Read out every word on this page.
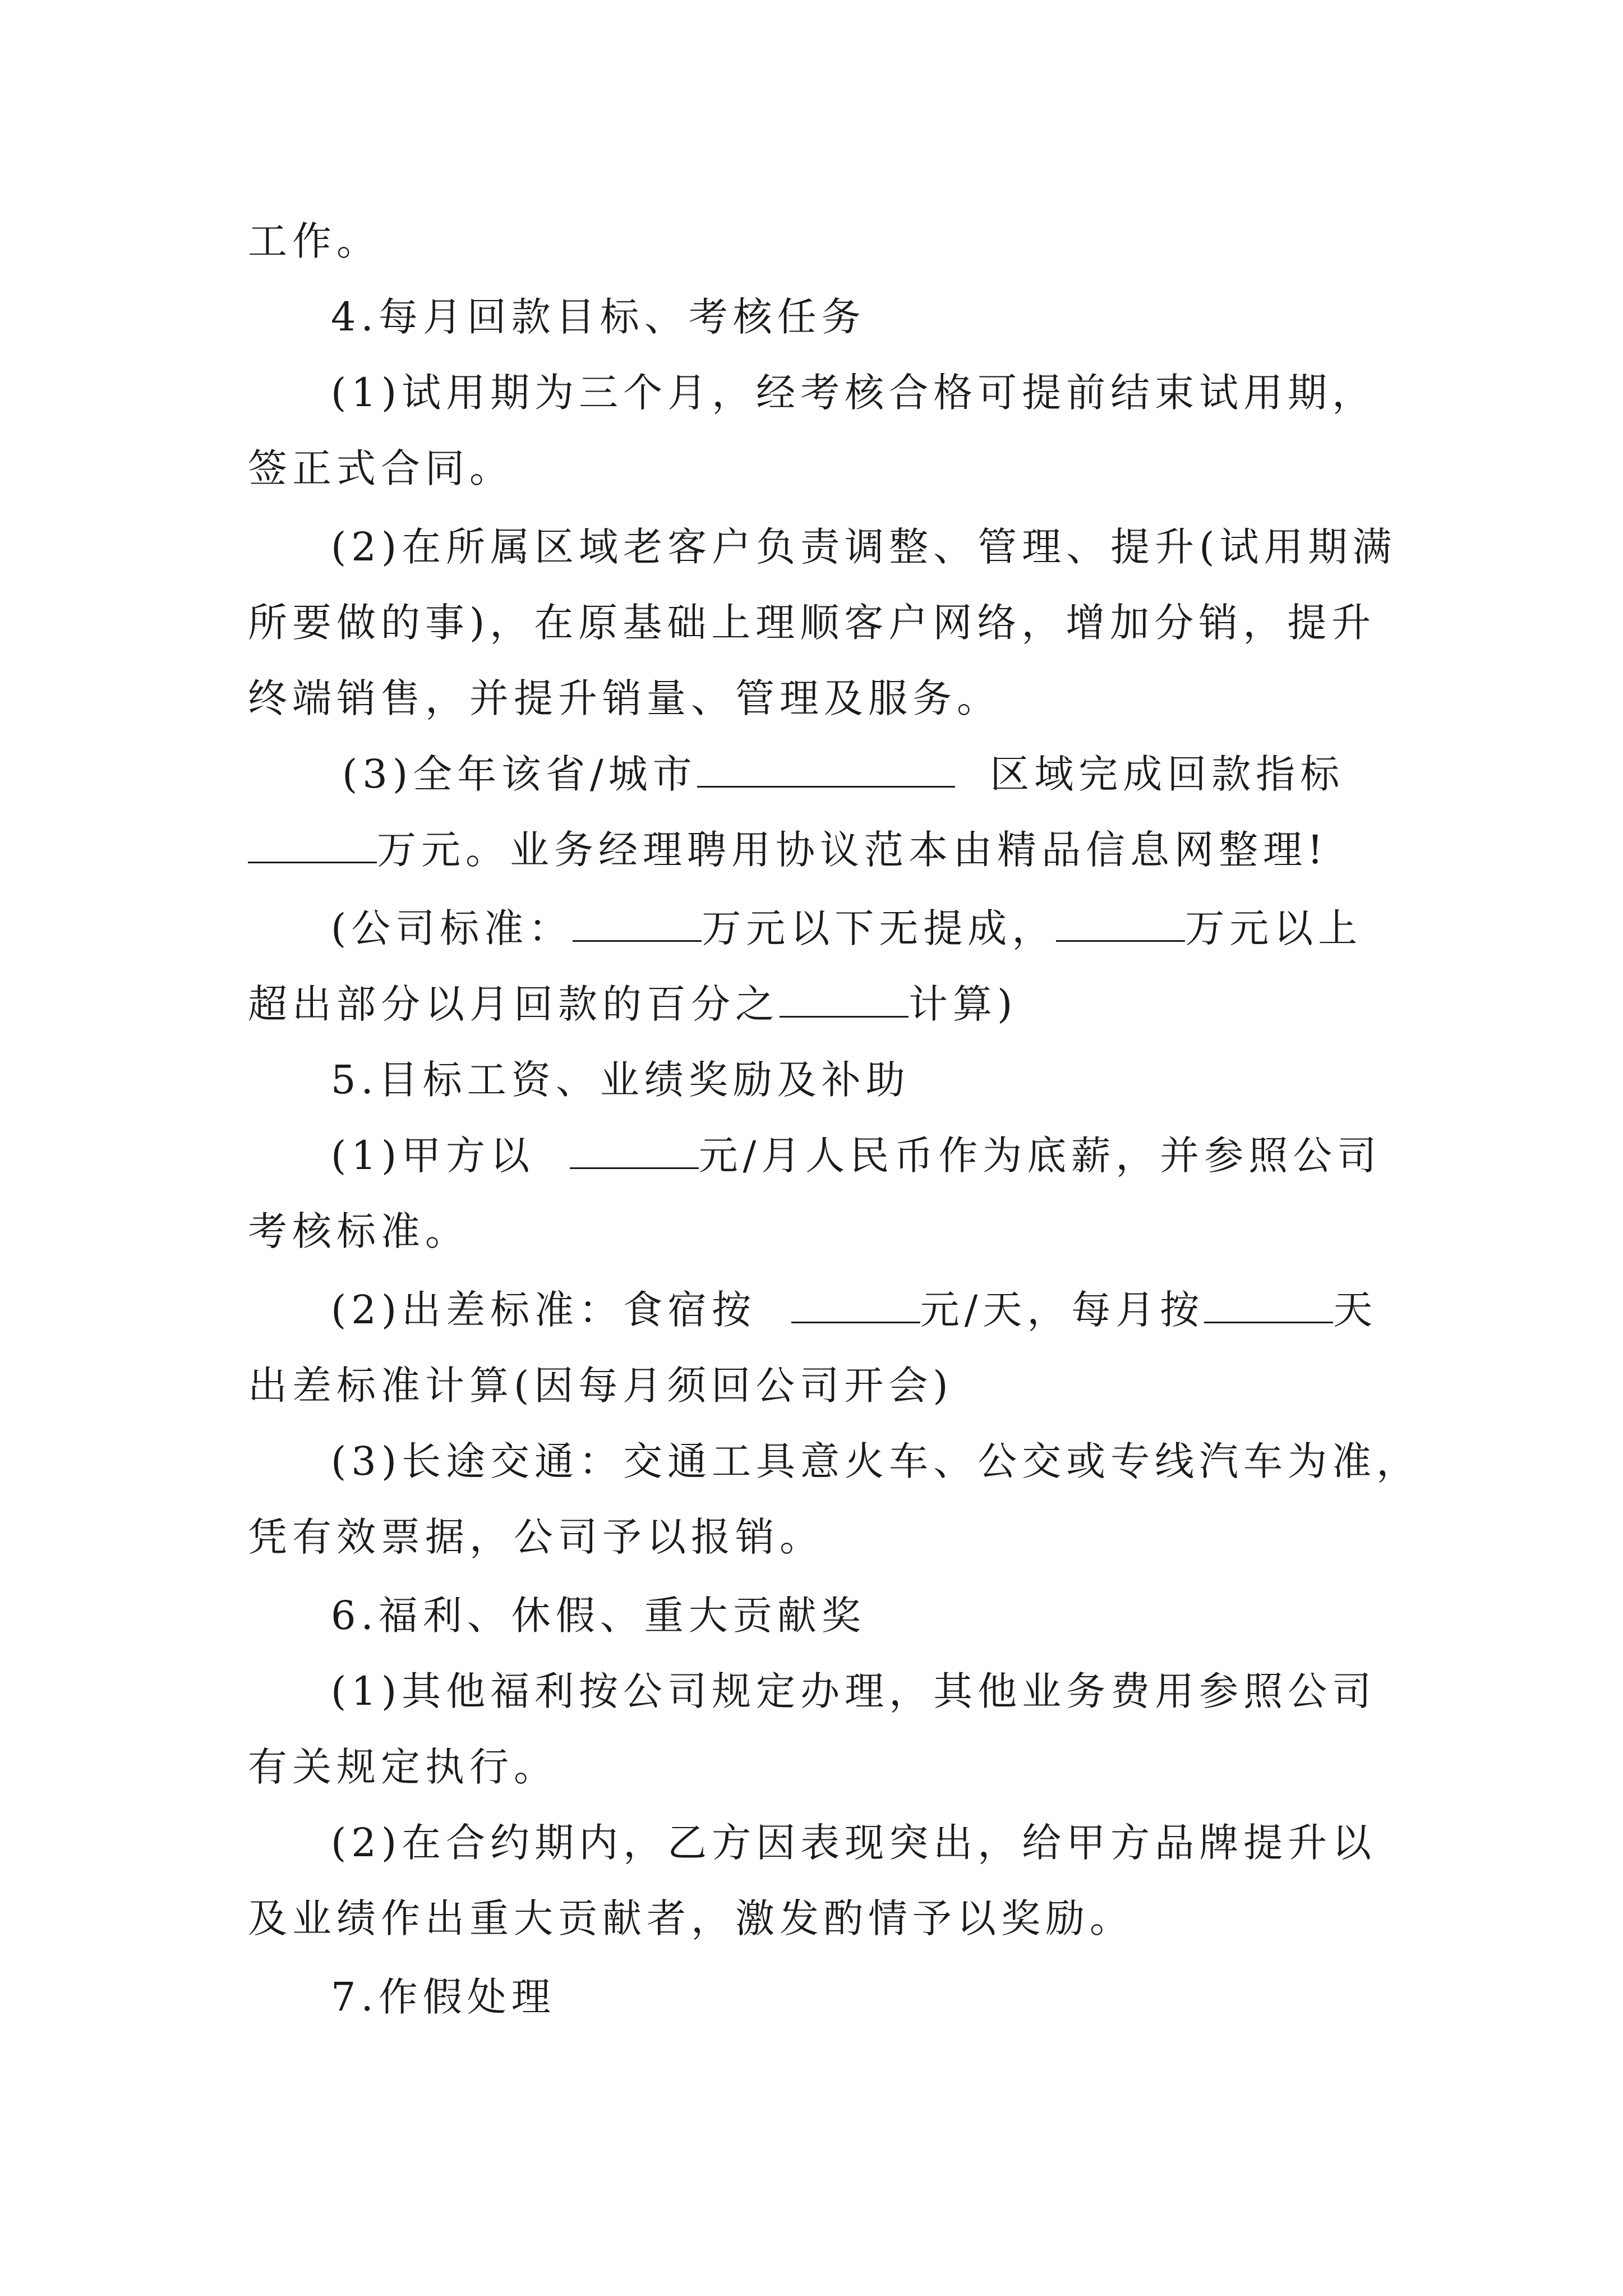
工作。
4.每月回款目标、考核任务
(1)试用期为三个月，经考核合格可提前结束试用期，
签正式合同。
(2)在所属区域老客户负责调整、管理、提升(试用期满
所要做的事)，在原基础上理顺客户网络，增加分销，提升
终端销售，并提升销量、管理及服务。
(3)全年该省/城市	区域完成回款指标
万元。业务经理聘用协议范本由精品信息网整理!
(公司标准：	万元以下无提成，	万元以上
超出部分以月回款的百分之	计算)
5.目标工资、业绩奖励及补助
(1)甲方以	元/月人民币作为底薪，并参照公司
考核标准。
(2)出差标准：食宿按	元/天，每月按	天
出差标准计算(因每月须回公司开会)
(3)长途交通：交通工具意火车、公交或专线汽车为准，
凭有效票据，公司予以报销。
6.福利、休假、重大贡献奖
(1)其他福利按公司规定办理，其他业务费用参照公司
有关规定执行。
(2)在合约期内，乙方因表现突出，给甲方品牌提升以
及业绩作出重大贡献者，激发酌情予以奖励。
7.作假处理
